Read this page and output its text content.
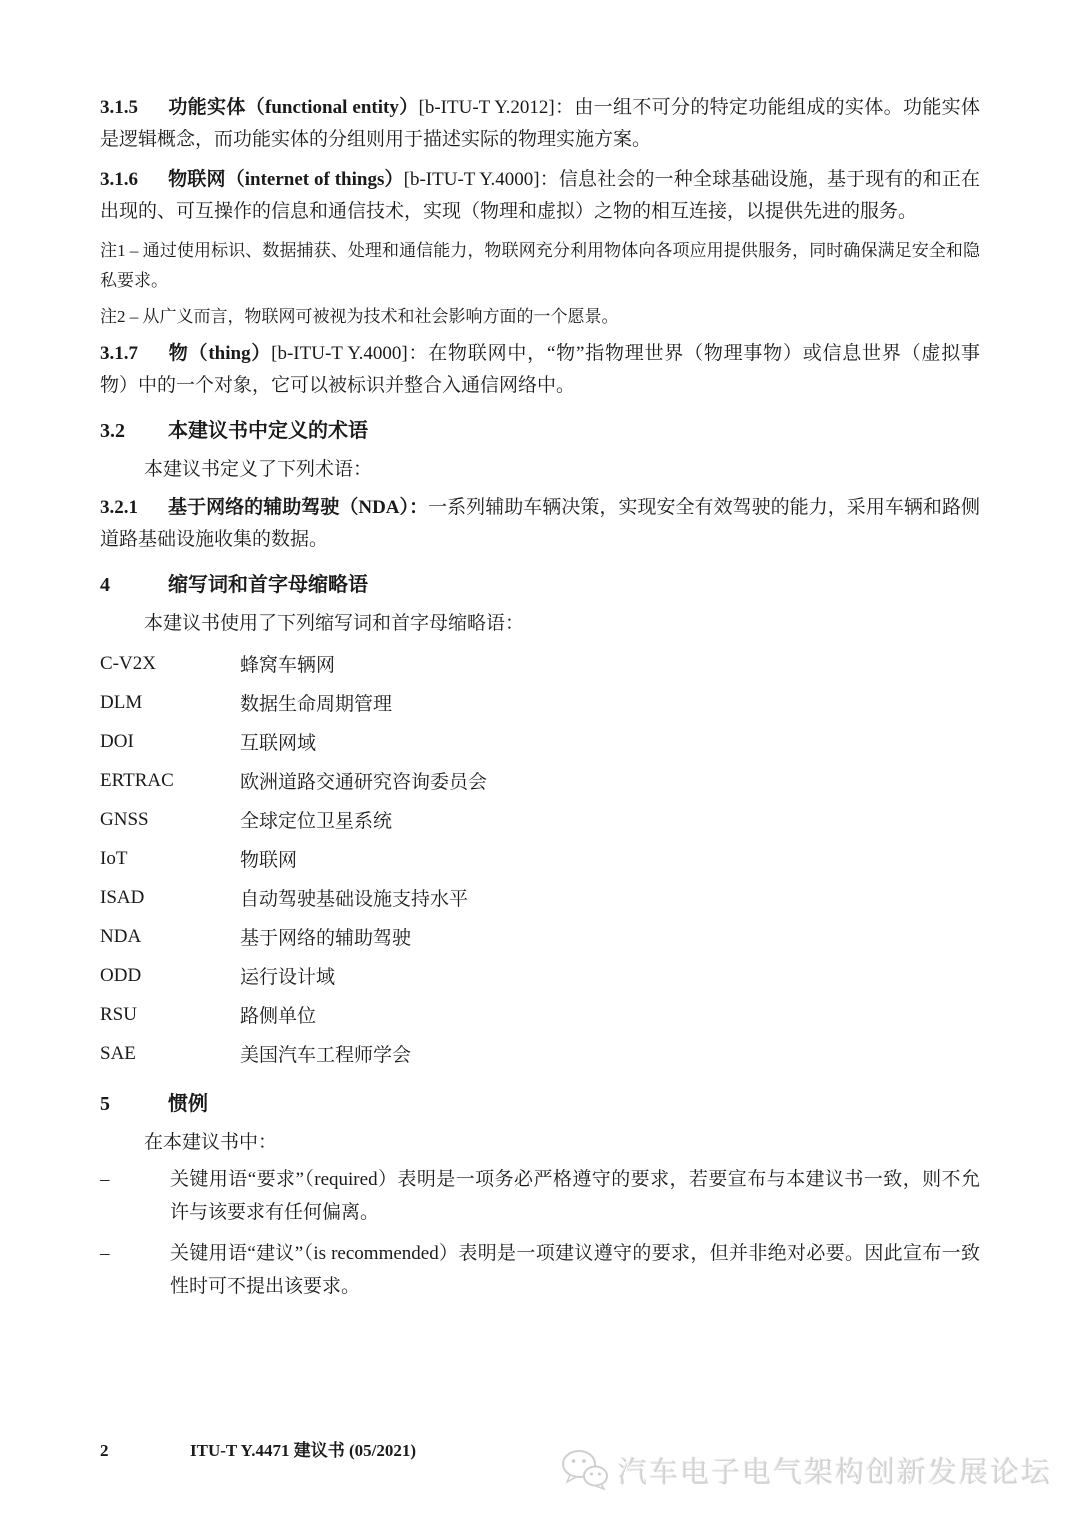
3.1.5 功能实体（functional entity）[b-ITU-T Y.2012]：由一组不可分的特定功能组成的实体。功能实体是逻辑概念，而功能实体的分组则用于描述实际的物理实施方案。

3.1.6 物联网（internet of things）[b-ITU-T Y.4000]：信息社会的一种全球基础设施，基于现有的和正在出现的、可互操作的信息和通信技术，实现（物理和虚拟）之物的相互连接，以提供先进的服务。

注1 – 通过使用标识、数据捕获、处理和通信能力，物联网充分利用物体向各项应用提供服务，同时确保满足安全和隐私要求。

注2 – 从广义而言，物联网可被视为技术和社会影响方面的一个愿景。

3.1.7 物（thing）[b-ITU-T Y.4000]：在物联网中，“物”指物理世界（物理事物）或信息世界（虚拟事物）中的一个对象，它可以被标识并整合入通信网络中。

3.2 本建议书中定义的术语

本建议书定义了下列术语：

3.2.1 基于网络的辅助驾驶（NDA）：一系列辅助车辆决策，实现安全有效驾驶的能力，采用车辆和路侧道路基础设施收集的数据。

4	缩写词和首字母缩略语

本建议书使用了下列缩写词和首字母缩略语：

C-V2X	蜂窝车辆网
DLM	数据生命周期管理
DOI	互联网域
ERTRAC	欧洲道路交通研究咨询委员会
GNSS	全球定位卫星系统
IoT	物联网
ISAD	自动驾驶基础设施支持水平
NDA	基于网络的辅助驾驶
ODD	运行设计域
RSU	路侧单位
SAE	美国汽车工程师学会
5	惯例

在本建议书中：

–	关键用语“要求”（required）表明是一项务必严格遵守的要求，若要宣布与本建议书一致，则不允许与该要求有任何偏离。
–	关键用语“建议”（is recommended）表明是一项建议遵守的要求，但并非绝对必要。因此宣布一致性时可不提出该要求。
2	ITU-T Y.4471 建议书 (05/2021)
汽车电子电气架构创新发展论坛
